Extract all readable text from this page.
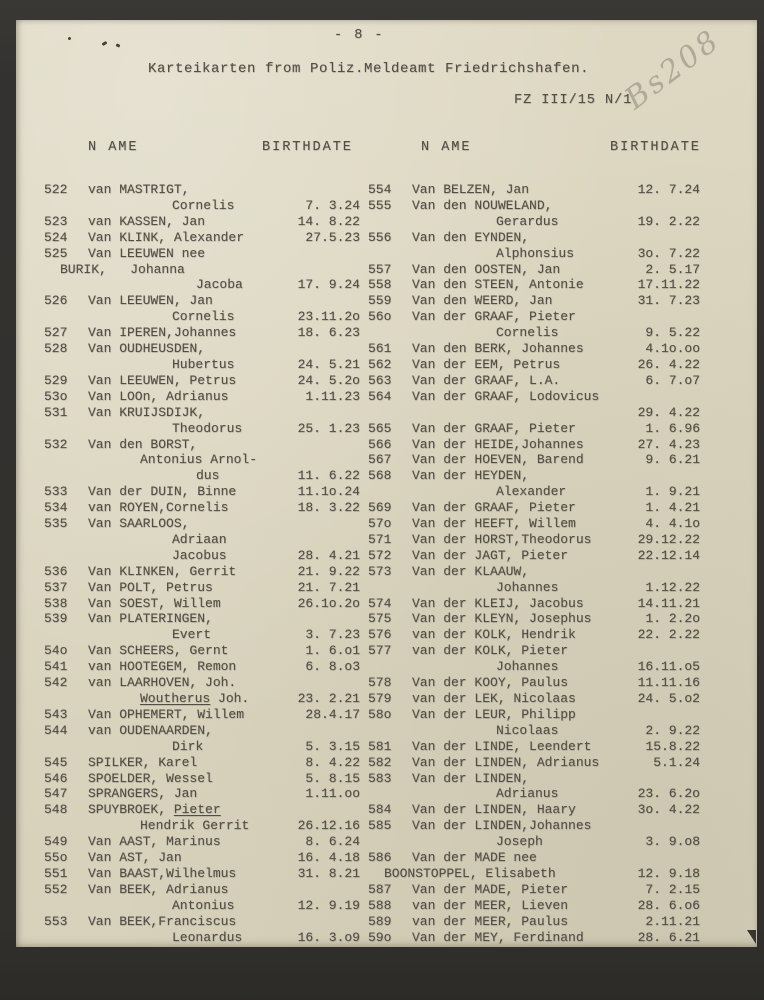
- 8 -	Bs208
Karteikarten from Poliz.Meldeamt Friedrichshafen.
FZ III/15 N/1
N AME	BIRTHDATE	N AME	BIRTHDATE
522	van MASTRIGT,
Cornelis	7. 3.24
523	van KASSEN, Jan	14. 8.22
524	Van KLINK, Alexander	27.5.23
525	Van LEEUWEN nee
BURIK,   Johanna
Jacoba	17. 9.24
526	Van LEEUWEN, Jan
Cornelis	23.11.2o
527	Van IPEREN,Johannes	18. 6.23
528	Van OUDHEUSDEN,
Hubertus	24. 5.21
529	Van LEEUWEN, Petrus	24. 5.2o
53o	Van LOOn, Adrianus	1.11.23
531	Van KRUIJSDIJK,
Theodorus	25. 1.23
532	Van den BORST,
Antonius Arnol-
dus	11. 6.22
533	Van der DUIN, Binne	11.1o.24
534	van ROYEN,Cornelis	18. 3.22
535	Van SAARLOOS,
Adriaan
Jacobus	28. 4.21
536	Van KLINKEN, Gerrit	21. 9.22
537	Van POLT, Petrus	21. 7.21
538	Van SOEST, Willem	26.1o.2o
539	Van PLATERINGEN,
Evert	3. 7.23
54o	Van SCHEERS, Gernt	1. 6.o1
541	van HOOTEGEM, Remon	6. 8.o3
542	van LAARHOVEN, Joh.
Woutherus Joh.	23. 2.21
543	Van OPHEMERT, Willem	28.4.17
544	van OUDENAARDEN,
Dirk	5. 3.15
545	SPILKER, Karel	8. 4.22
546	SPOELDER, Wessel	5. 8.15
547	SPRANGERS, Jan	1.11.oo
548	SPUYBROEK, Pieter
Hendrik Gerrit	26.12.16
549	Van AAST, Marinus	8. 6.24
55o	Van AST, Jan	16. 4.18
551	Van BAAST,Wilhelmus	31. 8.21
552	Van BEEK, Adrianus
Antonius	12. 9.19
553	Van BEEK,Franciscus
Leonardus	16. 3.o9
554	Van BELZEN, Jan	12. 7.24
555	Van den NOUWELAND,
Gerardus	19. 2.22
556	Van den EYNDEN,
Alphonsius	3o. 7.22
557	Van den OOSTEN, Jan	2. 5.17
558	Van den STEEN, Antonie	17.11.22
559	Van den WEERD, Jan	31. 7.23
56o	Van der GRAAF, Pieter
Cornelis	9. 5.22
561	Van den BERK, Johannes	4.1o.oo
562	Van der EEM, Petrus	26. 4.22
563	Van der GRAAF, L.A.	6. 7.o7
564	Van der GRAAF, Lodovicus
29. 4.22
565	Van der GRAAF, Pieter	1. 6.96
566	Van der HEIDE,Johannes	27. 4.23
567	Van der HOEVEN, Barend	9. 6.21
568	Van der HEYDEN,
Alexander	1. 9.21
569	Van der GRAAF, Pieter	1. 4.21
57o	Van der HEEFT, Willem	4. 4.1o
571	Van der HORST,Theodorus	29.12.22
572	Van der JAGT, Pieter	22.12.14
573	Van der KLAAUW,
Johannes	1.12.22
574	Van der KLEIJ, Jacobus	14.11.21
575	Van der KLEYN, Josephus	1. 2.2o
576	van der KOLK, Hendrik	22. 2.22
577	van der KOLK, Pieter
Johannes	16.11.o5
578	Van der KOOY, Paulus	11.11.16
579	van der LEK, Nicolaas	24. 5.o2
58o	Van der LEUR, Philipp
Nicolaas	2. 9.22
581	Van der LINDE, Leendert	15.8.22
582	Van der LINDEN, Adrianus	5.1.24
583	Van der LINDEN,
Adrianus	23. 6.2o
584	Van der LINDEN, Haary	3o. 4.22
585	Van der LINDEN,Johannes
Joseph	3. 9.o8
586	Van der MADE nee
BOONSTOPPEL, Elisabeth	12. 9.18
587	Van der MADE, Pieter	7. 2.15
588	van der MEER, Lieven	28. 6.o6
589	van der MEER, Paulus	2.11.21
59o	Van der MEY, Ferdinand	28. 6.21
